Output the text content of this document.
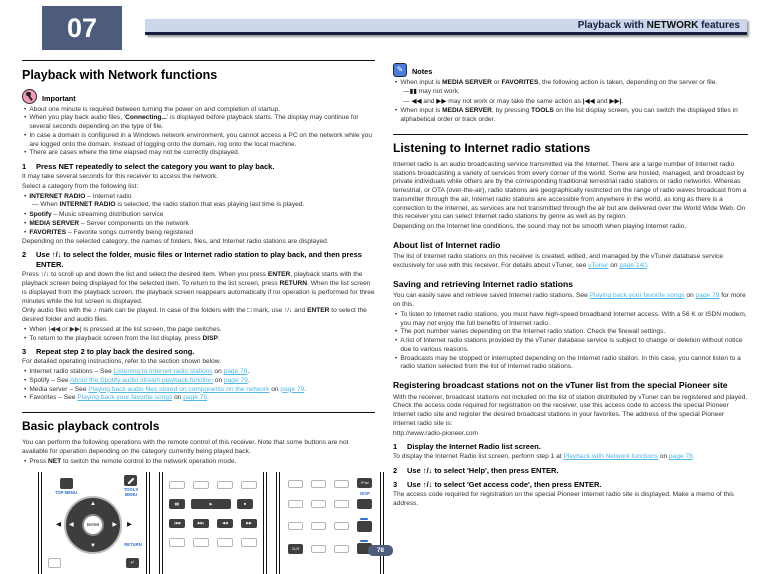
07	Playback with NETWORK features
Playback with Network functions
Important
• About one minute is required between turning the power on and completion of startup.
• When you play back audio files, 'Connecting...' is displayed before playback starts. The display may continue for several seconds depending on the type of file.
• In case a domain is configured in a Windows network environment, you cannot access a PC on the network while you are logged onto the domain. Instead of logging onto the domain, log onto the local machine.
• There are cases where the time elapsed may not be correctly displayed.
1	Press NET repeatedly to select the category you want to play back.

It may take several seconds for this receiver to access the network.

Select a category from the following list:

• INTERNET RADIO – Internet radio

— When INTERNET RADIO is selected, the radio station that was playing last time is played.

• Spotify – Music streaming distribution service
• MEDIA SERVER – Server components on the network
• FAVORITES – Favorite songs currently being registered

Depending on the selected category, the names of folders, files, and Internet radio stations are displayed.

2	Use ↑/↓ to select the folder, music files or Internet radio station to play back, and then press ENTER.

Press ↑/↓ to scroll up and down the list and select the desired item. When you press ENTER, playback starts with the playback screen being displayed for the selected item. To return to the list screen, press RETURN. When the list screen is displayed from the playback screen, the playback screen reappears automatically if no operation is performed for three minutes while the list screen is displayed.

Only audio files with the ♪ mark can be played. In case of the folders with the □ mark, use ↑/↓ and ENTER to select the desired folder and audio files.

• When |◀◀ or ▶▶| is pressed at the list screen, the page switches.
• To return to the playback screen from the list display, press DISP.
3	Repeat step 2 to play back the desired song.

For detailed operating instructions, refer to the section shown below.

• Internet radio stations – See Listening to Internet radio stations on page 78.
• Spotify – See About the Spotify audio stream playback function on page 79.
• Media server – See Playing back audio files stored on components on the network on page 79.
• Favorites – See Playing back your favorite songs on page 79.
Basic playback controls

You can perform the following operations with the remote control of this receiver. Note that some buttons are not available for operation depending on the category currently being played back.

• Press NET to switch the remote control to the network operation mode.
TOP MENU
TOOLS MENU
▲
▼
◀	▶
ENTER
◀	▶
RETURN
↵
▮▮	▶	■
|◀◀	▶▶|	◀◀	▶▶
+Fav
DISP
CLR
✎	Notes
• When input is MEDIA SERVER or FAVORITES, the following action is taken, depending on the server or file.

—▮▮ may not work.

— ◀◀ and ▶▶ may not work or may take the same action as |◀◀ and ▶▶|.

• When input is MEDIA SERVER, by pressing TOOLS on the list display screen, you can switch the displayed titles in alphabetical order or track order.
Listening to Internet radio stations

Internet radio is an audio broadcasting service transmitted via the Internet. There are a large number of Internet radio stations broadcasting a variety of services from every corner of the world. Some are hosted, managed, and broadcast by private individuals while others are by the corresponding traditional terrestrial radio stations or radio networks. Whereas terrestrial, or OTA (over-the-air), radio stations are geographically restricted on the range of radio waves broadcast from a transmitter through the air, Internet radio stations are accessible from anywhere in the world, as long as there is a connection to the Internet, as services are not transmitted through the air but are delivered over the World Wide Web. On this receiver you can select Internet radio stations by genre as well as by region.

Depending on the Internet line conditions, the sound may not be smooth when playing Internet radio.

About list of Internet radio

The list of Internet radio stations on this receiver is created, edited, and managed by the vTuner database service exclusively for use with this receiver. For details about vTuner, see vTuner on page 140.

Saving and retrieving Internet radio stations

You can easily save and retrieve saved Internet radio stations. See Playing back your favorite songs on page 79 for more on this.

• To listen to Internet radio stations, you must have high-speed broadband Internet access. With a 56 K or ISDN modem, you may not enjoy the full benefits of Internet radio.
• The port number varies depending on the Internet radio station. Check the firewall settings.
• A list of Internet radio stations provided by the vTuner database service is subject to change or deletion without notice due to various reasons.
• Broadcasts may be stopped or interrupted depending on the Internet radio station. In this case, you cannot listen to a radio station selected from the list of Internet radio stations.
Registering broadcast stations not on the vTuner list from the special Pioneer site

With the receiver, broadcast stations not included on the list of station distributed by vTuner can be registered and played. Check the access code required for registration on the receiver, use this access code to access the special Pioneer Internet radio site and register the desired broadcast stations in your favorites. The address of the special Pioneer Internet radio site is:

http://www.radio-pioneer.com

1	Display the Internet Radio list screen.

To display the Internet Radio list screen, perform step 1 at Playback with Network functions on page 78.

2	Use ↑/↓ to select 'Help', then press ENTER.
3	Use ↑/↓ to select 'Get access code', then press ENTER.

The access code required for registration on the special Pioneer Internet radio site is displayed. Make a memo of this address.

78
